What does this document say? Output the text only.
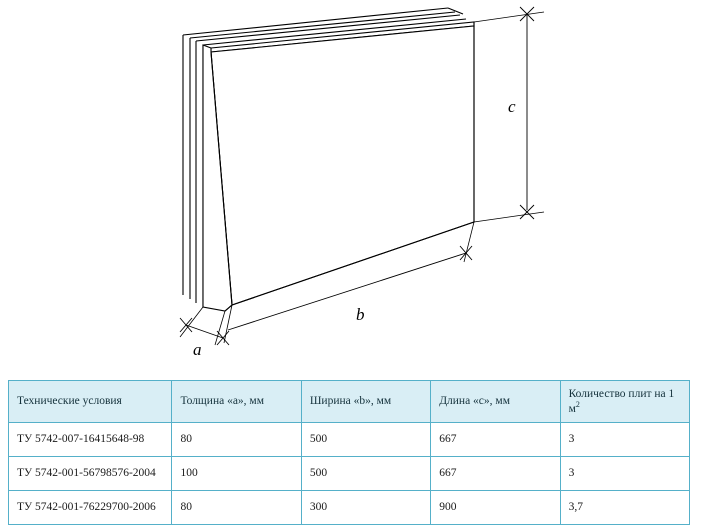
a
b
c
Технические условия	Толщина «a», мм	Ширина «b», мм	Длина «c», мм	Количество плит на 1 $м^2$
ТУ 5742-007-16415648-98	80	500	667	3
ТУ 5742-001-56798576-2004	100	500	667	3
ТУ 5742-001-76229700-2006	80	300	900	3,7
